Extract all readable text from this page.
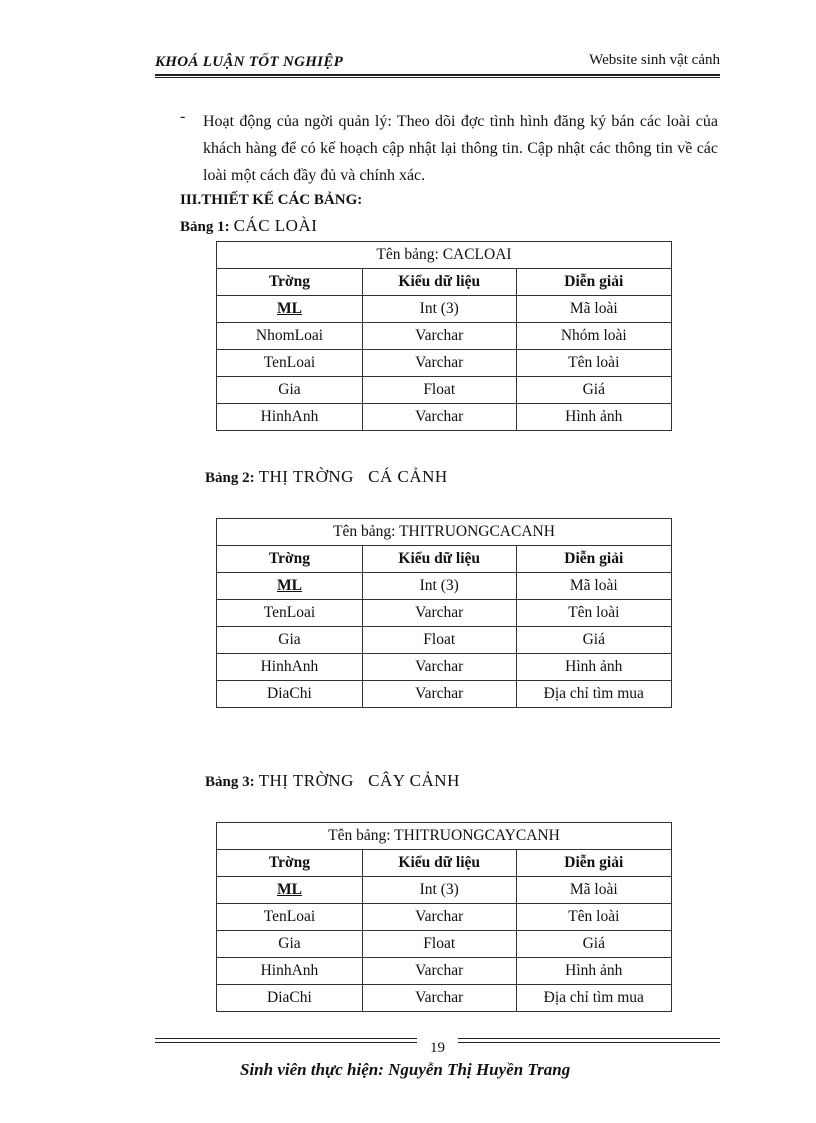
KHOÁ LUẬN TỐT NGHIỆP	Website sinh vật cảnh
- Hoạt động của ngời quản lý: Theo dõi đợc tình hình đăng ký bán các loài của khách hàng để có kế hoạch cập nhật lại thông tin. Cập nhật các thông tin về các loài một cách đầy đủ và chính xác.
III.THIẾT KẾ CÁC BẢNG:
Bảng 1: CÁC LOÀI
Tên bảng: CACLOAI		
Trờng	Kiểu dữ liệu	Diễn giải
ML	Int (3)	Mã loài
NhomLoai	Varchar	Nhóm loài
TenLoai	Varchar	Tên loài
Gia	Float	Giá
HinhAnh	Varchar	Hình ảnh
Bảng 2: THỊ TRỜNG   CÁ CẢNH
Tên bảng: THITRUONGCACANH		
Trờng	Kiểu dữ liệu	Diễn giải
ML	Int (3)	Mã loài
TenLoai	Varchar	Tên loài
Gia	Float	Giá
HinhAnh	Varchar	Hình ảnh
DiaChi	Varchar	Địa chỉ tìm mua
Bảng 3: THỊ TRỜNG   CÂY CẢNH
Tên bảng: THITRUONGCAYCANH		
Trờng	Kiểu dữ liệu	Diễn giải
ML	Int (3)	Mã loài
TenLoai	Varchar	Tên loài
Gia	Float	Giá
HinhAnh	Varchar	Hình ảnh
DiaChi	Varchar	Địa chỉ tìm mua
19
Sinh viên thực hiện: Nguyễn Thị Huyền Trang
